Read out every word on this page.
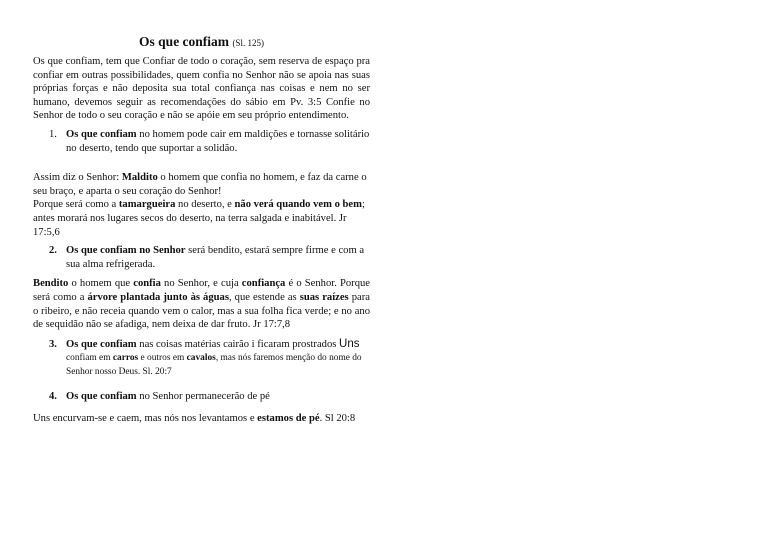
Os que confiam (Sl. 125)

Os que confiam, tem que Confiar de todo o coração, sem reserva de espaço pra confiar em outras possibilidades, quem confia no Senhor não se apoia nas suas próprias forças e não deposita sua total confiança nas coisas e nem no ser humano, devemos seguir as recomendações do sábio em Pv. 3:5 Confie no Senhor de todo o seu coração e não se apóie em seu próprio entendimento.

1. Os que confiam no homem pode cair em maldições e tornasse solitário no deserto, tendo que suportar a solidão.

Assim diz o Senhor: Maldito o homem que confia no homem, e faz da carne o seu braço, e aparta o seu coração do Senhor!
Porque será como a tamargueira no deserto, e não verá quando vem o bem; antes morará nos lugares secos do deserto, na terra salgada e inabitável. Jr 17:5,6

2. Os que confiam no Senhor será bendito, estará sempre firme e com a sua alma refrigerada.

Bendito o homem que confia no Senhor, e cuja confiança é o Senhor. Porque será como a árvore plantada junto às águas, que estende as suas raízes para o ribeiro, e não receia quando vem o calor, mas a sua folha fica verde; e no ano de sequidão não se afadiga, nem deixa de dar fruto. Jr 17:7,8

3. Os que confiam nas coisas matérias cairão i ficaram prostrados Uns
confiam em carros e outros em cavalos, mas nós faremos menção do nome do Senhor nosso Deus. Sl. 20:7
4. Os que confiam no Senhor permanecerão de pé

Uns encurvam-se e caem, mas nós nos levantamos e estamos de pé. Sl 20:8
